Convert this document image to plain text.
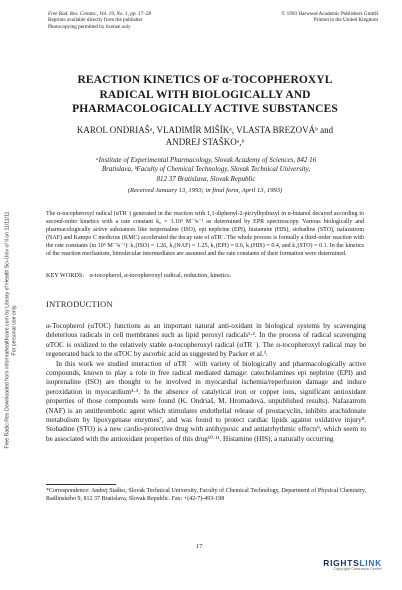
Free Radic Res Downloaded from informahealthcare.com by Library of Health Sci-Univ of Il on 11/11/11 For personal use only.
Free Rad. Res. Comms., Vol. 19, No. 1, pp. 17–28
Reprints available directly from the publisher
Photocopying permitted by license only
© 1993 Harwood Academic Publishers GmbH
Printed in the United Kingdom
REACTION KINETICS OF α-TOCOPHEROXYL
RADICAL WITH BIOLOGICALLY AND
PHARMACOLOGICALLY ACTIVE SUBSTANCES
KAROL ONDRIAŠᵃ, VLADIMÍR MIŠÍKᵃ, VLASTA BREZOVÁᵇ and
ANDREJ STAŠKOᵃ,ᵇ
ᵃInstitute of Experimental Pharmacology, Slovak Academy of Sciences, 842 16
Bratislava, ᵇFaculty of Chemical Technology, Slovak Technical University,
812 37 Bratislava, Slovak Republic
(Received January 13, 1993; in final form, April 13, 1993)
The α-tocopheroxyl radical (αTR˙) generated in the reaction with 1,1-diphenyl-2-picrylhydrazyl in n-butanol decayed according to second-order kinetics with a rate constant k₀ = 3.10³ M⁻¹s⁻¹ as determined by EPR spectroscopy. Various biologically and pharmacologically active substances like isoprenaline (ISO), epi nephrine (EPI), histamine (HIS), stobadine (STO), nafazatrom (NAF) and Kampo C medicine (KMC) accelerated the decay rate of αTR˙. The whole process is formally a third-order reaction with the rate constants (in 10⁶ M⁻²s⁻¹): k₁(ISO) = 1.26, k₁(NAF) = 1.25, k₁(EPI) = 0.6, k₁(HIS) = 0.4, and k₁(STO) = 0.1. In the kinetics of the reaction mechanism, bimolecular intermediates are assumed and the rate constants of their formation were determined.
KEY WORDS: α-tocopherol, α-tocopheroxyl radical, reduction, kinetics.
INTRODUCTION

α-Tocopherol (αTOC) functions as an important natural anti-oxidant in biological systems by scavenging deleterious radicals in cell membranes such as lipid peroxyl radicals¹·². In the process of radical scavenging αTOC is oxidized to the relatively stable α-tocopheroxyl radical (αTR˙). The α-tocopheroxyl radical may be regenerated back to the αTOC by ascorbic acid as suggested by Packer et al.³.

In this work we studied interaction of αTR˙ with variety of biologically and pharmacologically active compounds, known to play a role in free radical mediated damage: catecholamines epi nephrine (EPI) and isoprenaline (ISO) are thought to be involved in myocardial ischemia/reperfusion damage and induce peroxidation in myocardium⁴·⁵. In the absence of catalytical iron or copper ions, significant antioxidant properties of those compounds were found (K. Ondriaš, M. Hromadová, unpublished results). Nafazatrom (NAF) is an antithrombotic agent which stimulates endothelial release of prostacyclin, inhibits arachidonate metabolism by lipoxygenase enzymes⁷, and was found to protect cardiac lipids against oxidative injury⁸. Stobadine (STO) is a new cardio-protective drug with antihypoxic and antiarrhythmic effects⁹, which seem to be associated with the antioxidant properties of this drug¹⁰·¹¹. Histamine (HIS), a naturally occurring

*Correspondence: Andrej Staško, Slovak Technical University, Faculty of Chemical Technology, Department of Physical Chemistry, Radlinského 9, 812 37 Bratislava, Slovak Republic. Fax: +(42-7)-493-198
17
RIGHTSLINK
Copyright Clearance Center
